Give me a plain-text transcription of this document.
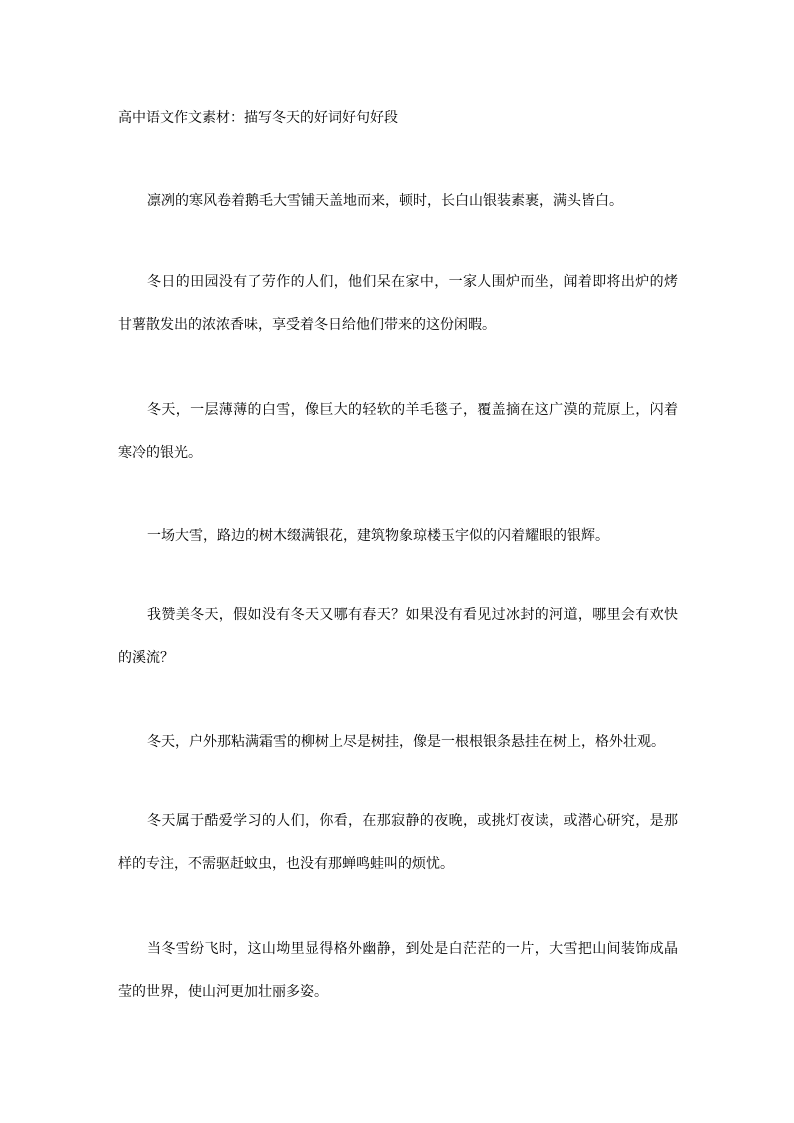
高中语文作文素材：描写冬天的好词好句好段

凛冽的寒风卷着鹅毛大雪铺天盖地而来，顿时，长白山银装素裹，满头皆白。

冬日的田园没有了劳作的人们，他们呆在家中，一家人围炉而坐，闻着即将出炉的烤甘薯散发出的浓浓香味，享受着冬日给他们带来的这份闲暇。

冬天，一层薄薄的白雪，像巨大的轻软的羊毛毯子，覆盖摘在这广漠的荒原上，闪着寒冷的银光。

一场大雪，路边的树木缀满银花，建筑物象琼楼玉宇似的闪着耀眼的银辉。

我赞美冬天，假如没有冬天又哪有春天？如果没有看见过冰封的河道，哪里会有欢快的溪流？

冬天，户外那粘满霜雪的柳树上尽是树挂，像是一根根银条悬挂在树上，格外壮观。

冬天属于酷爱学习的人们，你看，在那寂静的夜晚，或挑灯夜读，或潜心研究，是那样的专注，不需驱赶蚊虫，也没有那蝉鸣蛙叫的烦忧。

当冬雪纷飞时，这山坳里显得格外幽静，到处是白茫茫的一片，大雪把山间装饰成晶莹的世界，使山河更加壮丽多姿。
